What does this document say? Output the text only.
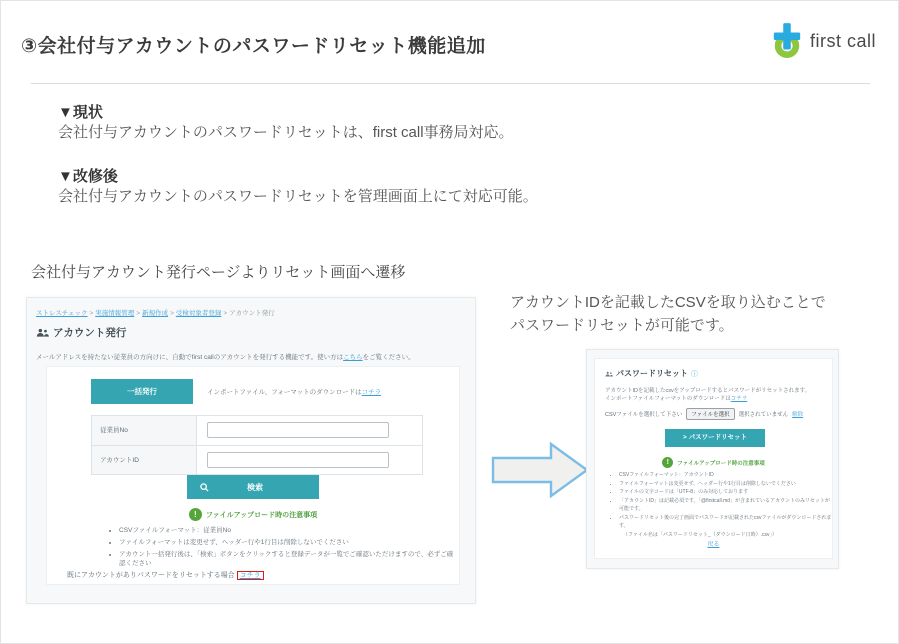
③会社付与アカウントのパスワードリセット機能追加	first call
▼現状
会社付与アカウントのパスワードリセットは、first call事務局対応。
▼改修後
会社付与アカウントのパスワードリセットを管理画面上にて対応可能。
会社付与アカウント発行ページよりリセット画面へ遷移
ストレスチェック > 実施情報管理 > 新規作成 > 受検対象者登録 > アカウント発行
アカウント発行
メールアドレスを持たない従業員の方向けに、自動でfirst callのアカウントを発行する機能です。使い方はこちらをご覧ください。
一括発行	インポートファイル、フォーマットのダウンロードはコチラ
従業員No
アカウントID
検索
! ファイルアップロード時の注意事項
• CSVファイルフォーマット：従業員No
• ファイルフォーマットは変更せず、ヘッダー行や1行目は削除しないでください
• アカウント一括発行後は、「検索」ボタンをクリックすると登録データが一覧でご確認いただけますので、必ずご確認ください
既にアカウントがありパスワードをリセットする場合 コチラ
アカウントIDを記載したCSVを取り込むことで
パスワードリセットが可能です。
パスワードリセット ⓘ
アカウントIDを記載したcsvをアップロードするとパスワードがリセットされます。
インポートファイルフォーマットのダウンロードはコチラ
CSVファイルを選択して下さい	ファイルを選択	選択されていません 解除
> パスワードリセット
! ファイルアップロード時の注意事項
• CSVファイルフォーマット：アカウントID
• ファイルフォーマットは変更せず、ヘッダー行や1行目は削除しないでください
• ファイルの文字コードは「UTF-8」のみ対応しております
• 「アカウントID」は記載必須です。「@firstcall.md」が含まれているアカウントのみリセットが可能です。
• パスワードリセット後の完了画面でパスワードが記載されたcsvファイルがダウンロードされます。
（ファイル名は「パスワードリセット_（ダウンロード日時）.csv」）
戻る
